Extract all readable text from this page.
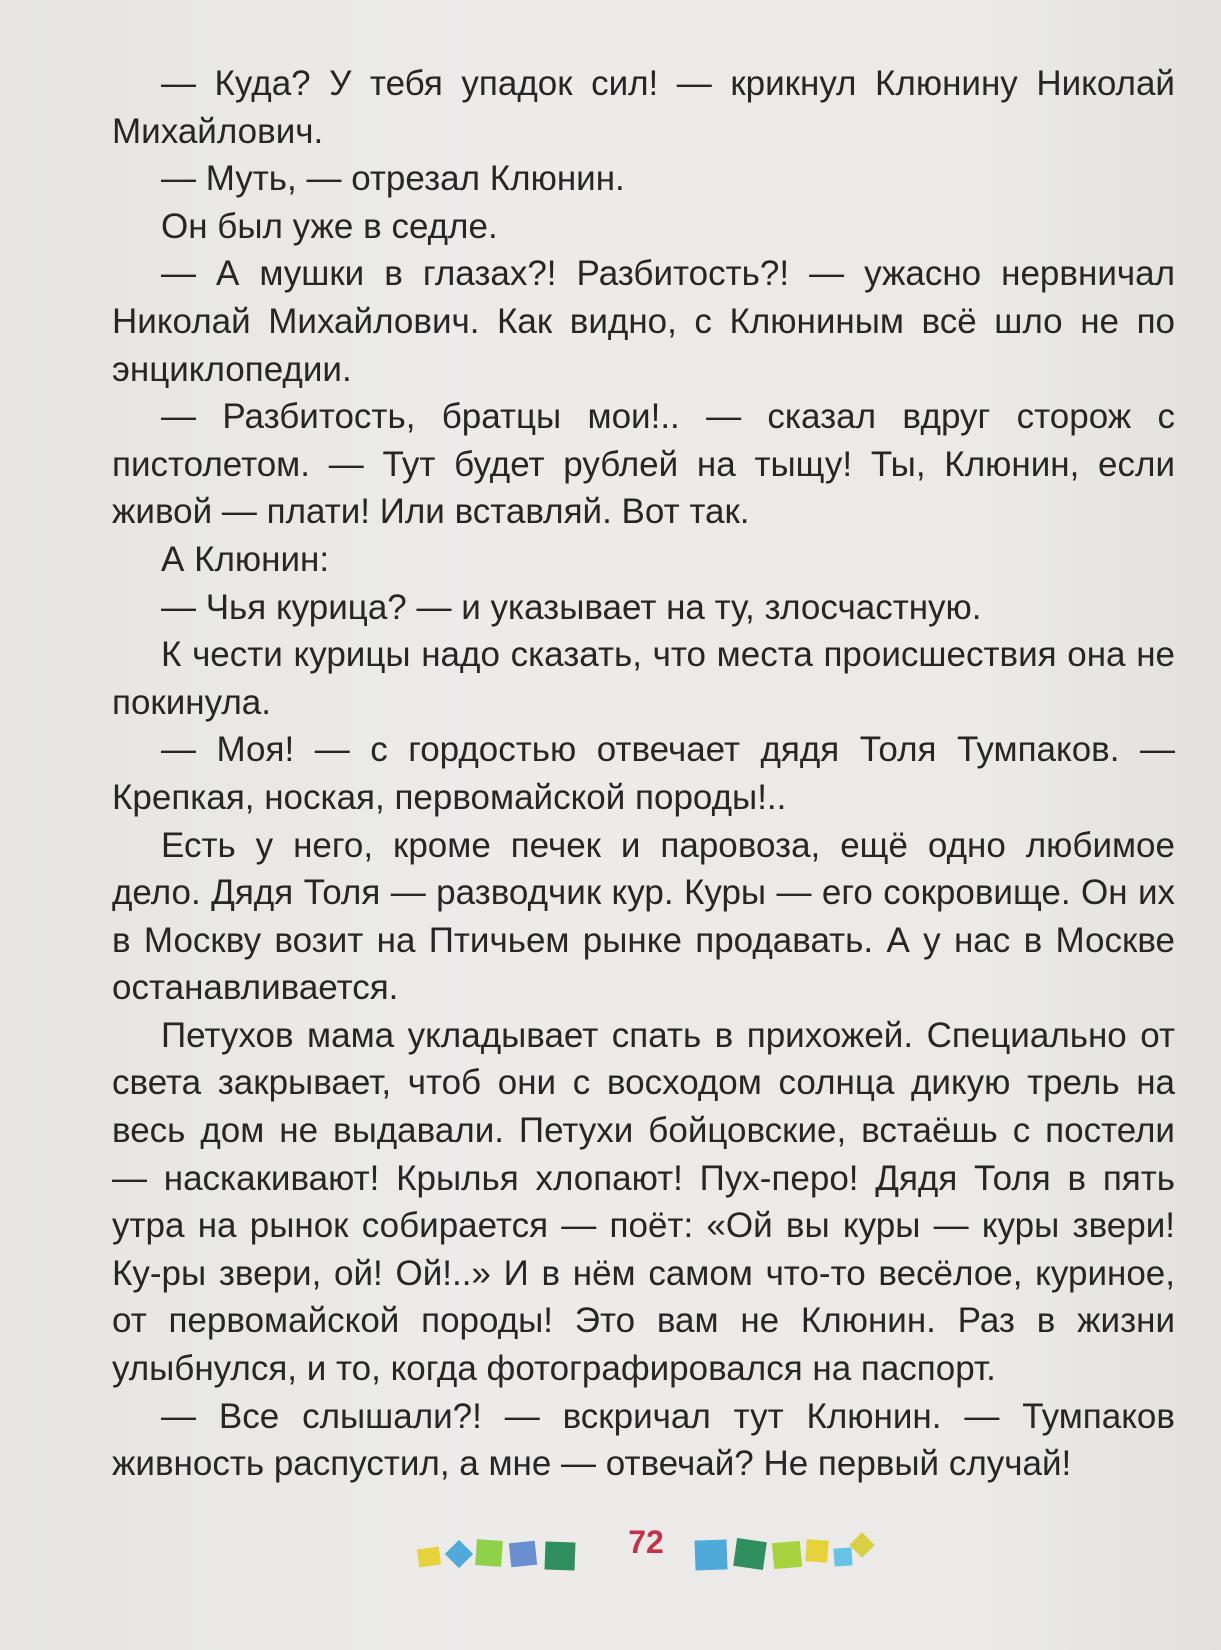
— Куда? У тебя упадок сил! — крикнул Клюнину Николай Михайлович.

— Муть, — отрезал Клюнин.

Он был уже в седле.

— А мушки в глазах?! Разбитость?! — ужасно нервничал Николай Михайлович. Как видно, с Клюниным всё шло не по энциклопедии.

— Разбитость, братцы мои!.. — сказал вдруг сторож с пистолетом. — Тут будет рублей на тыщу! Ты, Клюнин, если живой — плати! Или вставляй. Вот так.

А Клюнин:

— Чья курица? — и указывает на ту, злосчастную.

К чести курицы надо сказать, что места происшествия она не покинула.

— Моя! — с гордостью отвечает дядя Толя Тумпаков. — Крепкая, ноская, первомайской породы!..

Есть у него, кроме печек и паровоза, ещё одно любимое дело. Дядя Толя — разводчик кур. Куры — его сокровище. Он их в Москву возит на Птичьем рынке продавать. А у нас в Москве останавливается.

Петухов мама укладывает спать в прихожей. Специально от света закрывает, чтоб они с восходом солнца дикую трель на весь дом не выдавали. Петухи бойцовские, встаёшь с постели — наскакивают! Крылья хлопают! Пух-перо! Дядя Толя в пять утра на рынок собирается — поёт: «Ой вы куры — куры звери! Ку-ры звери, ой! Ой!..» И в нём самом что-то весёлое, куриное, от первомайской породы! Это вам не Клюнин. Раз в жизни улыбнулся, и то, когда фотографировался на паспорт.

— Все слышали?! — вскричал тут Клюнин. — Тумпаков живность распустил, а мне — отвечай? Не первый случай!

72
